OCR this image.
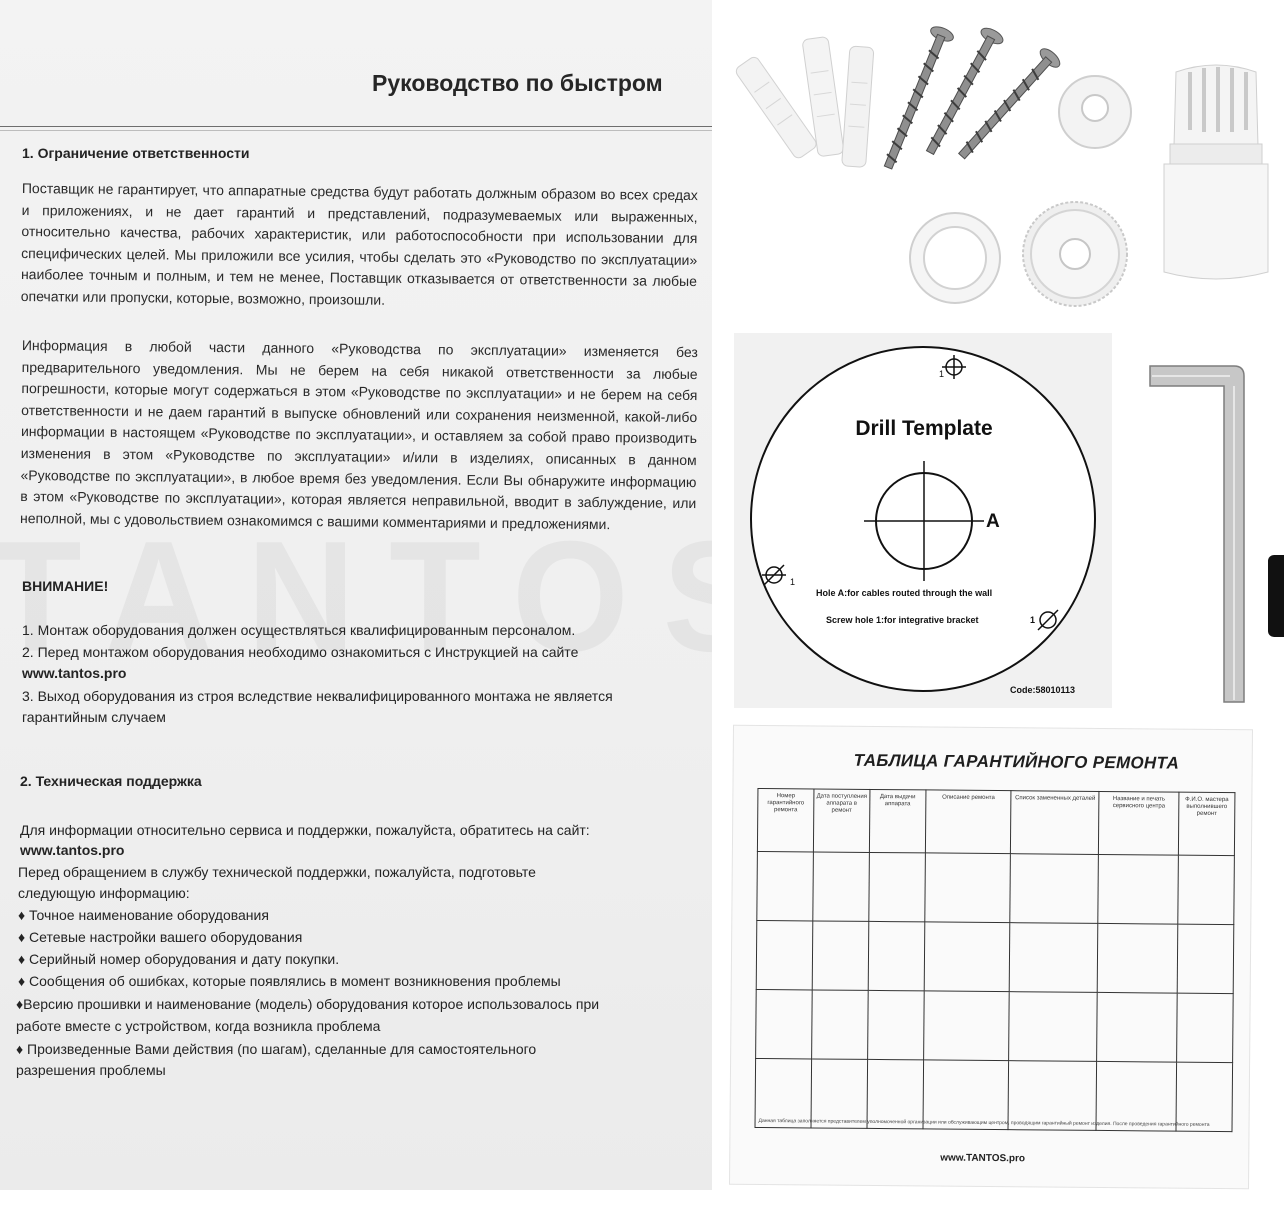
Руководство по быстром
1. Ограничение ответственности
Поставщик не гарантирует, что аппаратные средства будут работать должным образом во всех средах и приложениях, и не дает гарантий и представлений, подразумеваемых или выраженных, относительно качества, рабочих характеристик, или работоспособности при использовании для специфических целей. Мы приложили все усилия, чтобы сделать это «Руководство по эксплуатации» наиболее точным и полным, и тем не менее, Поставщик отказывается от ответственности за любые опечатки или пропуски, которые, возможно, произошли.
Информация в любой части данного «Руководства по эксплуатации» изменяется без предварительного уведомления. Мы не берем на себя никакой ответственности за любые погрешности, которые могут содержаться в этом «Руководстве по эксплуатации» и не берем на себя ответственности и не даем гарантий в выпуске обновлений или сохранения неизменной, какой-либо информации в настоящем «Руководстве по эксплуатации», и оставляем за собой право производить изменения в этом «Руководстве по эксплуатации» и/или в изделиях, описанных в данном «Руководстве по эксплуатации», в любое время без уведомления. Если Вы обнаружите информацию в этом «Руководстве по эксплуатации», которая является неправильной, вводит в заблуждение, или неполной, мы с удовольствием ознакомимся с вашими комментариями и предложениями.
ВНИМАНИЕ!
1. Монтаж оборудования должен осуществляться квалифицированным персоналом.
2. Перед монтажом оборудования необходимо ознакомиться с Инструкцией на сайте
www.tantos.pro
3. Выход оборудования из строя вследствие неквалифицированного монтажа не является
гарантийным случаем
2. Техническая поддержка
Для информации относительно сервиса и поддержки, пожалуйста, обратитесь на сайт:
www.tantos.pro
Перед обращением в службу технической поддержки, пожалуйста, подготовьте
следующую информацию:
♦ Точное наименование оборудования
♦ Сетевые настройки вашего оборудования
♦ Серийный номер оборудования и дату покупки.
♦ Сообщения об ошибках, которые появлялись в момент возникновения проблемы
♦Версию прошивки и наименование (модель) оборудования которое использовалось при
работе вместе с устройством, когда возникла проблема
♦ Произведенные Вами действия (по шагам), сделанные для самостоятельного
разрешения проблемы
Drill Template
A
1
1
1
Hole A:for cables routed through the wall
Screw hole 1:for integrative bracket
Code:58010113
ТАБЛИЦА ГАРАНТИЙНОГО РЕМОНТА
Номер гарантийного ремонта	Дата поступления аппарата в ремонт	Дата выдачи аппарата	Описание ремонта	Список замененных деталей	Название и печать сервисного центра	Ф.И.О. мастера выполнившего ремонт

Данная таблица заполняется представителем уполномоченной организации или обслуживающим центром, проводящим гарантийный ремонт изделия. После проведения гарантийного ремонта
www.TANTOS.pro
